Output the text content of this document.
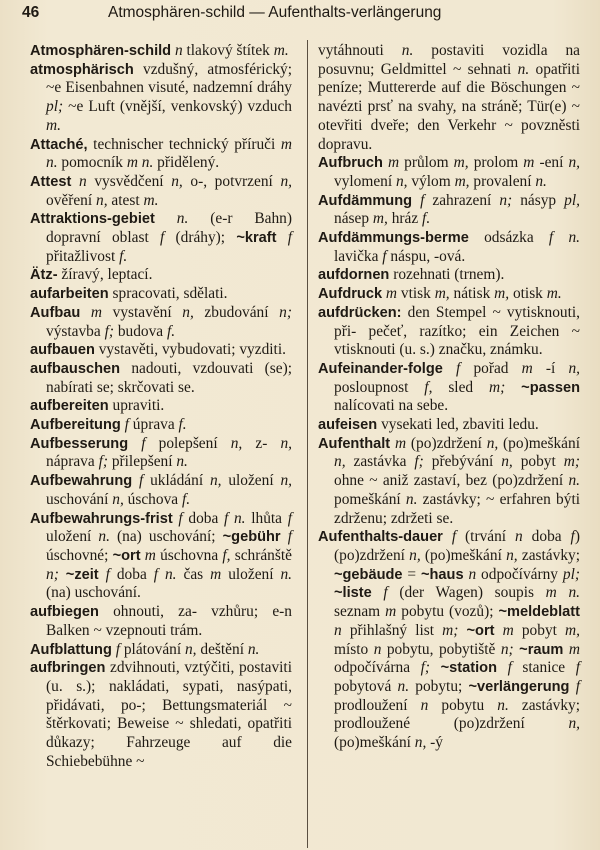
46	Atmosphären-schild — Aufenthalts-verlängerung

Atmosphären-schild n tlakový štítek m.

atmosphärisch vzdušný, atmosférický; ~e Eisenbahnen visuté, nadzemní dráhy pl; ~e Luft (vnější, venkovský) vzduch m.

Attaché, technischer technický příruči m n. pomocník m n. přidělený.

Attest n vysvědčení n, o-, potvrzení n, ověření n, atest m.

Attraktions-gebiet n. (e-r Bahn) dopravní oblast f (dráhy); ~kraft f přitažlivost f.

Ätz- žíravý, leptací.

aufarbeiten spracovati, sdělati.

Aufbau m vystavění n, zbudování n; výstavba f; budova f.

aufbauen vystavěti, vybudovati; vyzditi.

aufbauschen nadouti, vzdouvati (se); nabírati se; skrčovati se.

aufbereiten upraviti.

Aufbereitung f úprava f.

Aufbesserung f polepšení n, z- n, náprava f; přilepšení n.

Aufbewahrung f ukládání n, uložení n, uschování n, úschova f.

Aufbewahrungs-frist f doba f n. lhůta f uložení n. (na) uschování; ~gebühr f úschovné; ~ort m úschovna f, schránště n; ~zeit f doba f n. čas m uložení n. (na) uschování.

aufbiegen ohnouti, za- vzhůru; e-n Balken ~ vzepnouti trám.

Aufblattung f plátování n, deštění n.

aufbringen zdvihnouti, vztýčiti, postaviti (u. s.); nakládati, sypati, nasýpati, přidávati, po-; Bettungsmateriál ~ štěrkovati; Beweise ~ shledati, opatřiti důkazy; Fahrzeuge auf die Schiebebühne ~

vytáhnouti n. postaviti vozidla na posuvnu; Geldmittel ~ sehnati n. opatřiti peníze; Muttererde auf die Böschungen ~ navézti prsť na svahy, na stráně; Tür(e) ~ otevřiti dveře; den Verkehr ~ povzněsti dopravu.

Aufbruch m průlom m, prolom m -ení n, vylomení n, výlom m, provalení n.

Aufdämmung f zahrazení n; násyp pl, násep m, hráz f.

Aufdämmungs-berme odsázka f n. lavička f náspu, -ová.

aufdornen rozehnati (trnem).

Aufdruck m vtisk m, nátisk m, otisk m.

aufdrücken: den Stempel ~ vytisknouti, při- pečeť, razítko; ein Zeichen ~ vtisknouti (u. s.) značku, známku.

Aufeinander-folge f pořad m -í n, posloupnost f, sled m; ~passen nalícovati na sebe.

aufeisen vysekati led, zbaviti ledu.

Aufenthalt m (po)zdržení n, (po)meškání n, zastávka f; přebývání n, pobyt m; ohne ~ aniž zastaví, bez (po)zdržení n. pomeškání n. zastávky; ~ erfahren býti zdrženu; zdržeti se.

Aufenthalts-dauer f (trvání n doba f) (po)zdržení n, (po)meškání n, zastávky; ~gebäude = ~haus n odpočívárny pl; ~liste f (der Wagen) soupis m n. seznam m pobytu (vozů); ~meldeblatt n přihlašný list m; ~ort m pobyt m, místo n pobytu, pobytiště n; ~raum m odpočívárna f; ~station f stanice f pobytová n. pobytu; ~verlängerung f prodloužení n pobytu n. zastávky; prodloužené (po)zdržení n, (po)meškání n, -ý
